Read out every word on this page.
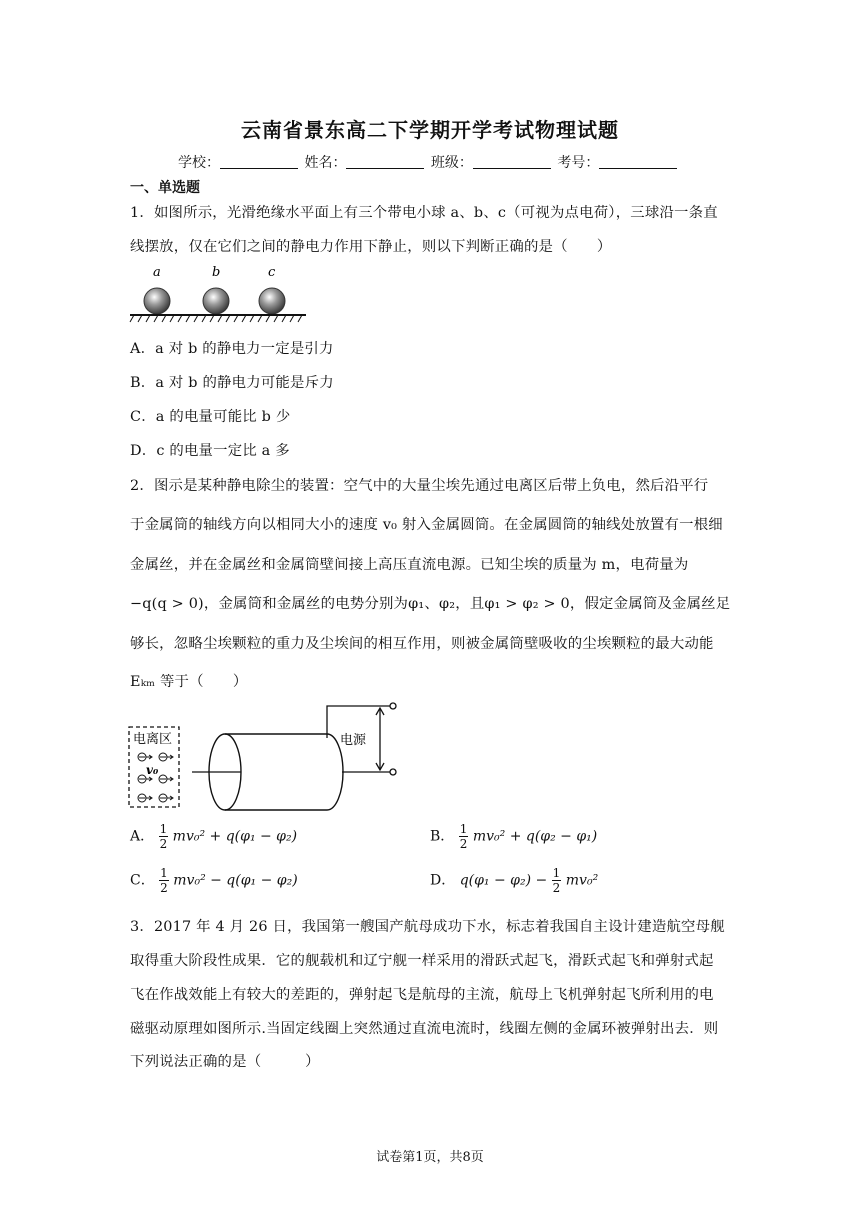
云南省景东高二下学期开学考试物理试题
学校：	姓名：	班级：	考号：
一、单选题
1．如图所示，光滑绝缘水平面上有三个带电小球 a、b、c（可视为点电荷），三球沿一条直
线摆放，仅在它们之间的静电力作用下静止，则以下判断正确的是（　　）
a	b	c
A．a 对 b 的静电力一定是引力
B．a 对 b 的静电力可能是斥力
C．a 的电量可能比 b 少
D．c 的电量一定比 a 多
2．图示是某种静电除尘的装置：空气中的大量尘埃先通过电离区后带上负电，然后沿平行
于金属筒的轴线方向以相同大小的速度 v₀ 射入金属圆筒。在金属圆筒的轴线处放置有一根细
金属丝，并在金属丝和金属筒壁间接上高压直流电源。已知尘埃的质量为 m，电荷量为
−q(q > 0)，金属筒和金属丝的电势分别为φ₁、φ₂，且φ₁ > φ₂ > 0，假定金属筒及金属丝足
够长，忽略尘埃颗粒的重力及尘埃间的相互作用，则被金属筒壁吸收的尘埃颗粒的最大动能
Eₖₘ 等于（　　）
电离区
v₀
电源
A． $\frac{1}{2} mv_0^2 + q(\varphi_1 - \varphi_2)$	B． $\frac{1}{2} mv_0^2 + q(\varphi_2 - \varphi_1)$
C． $\frac{1}{2} mv_0^2 - q(\varphi_1 - \varphi_2)$	D． $q(\varphi_1 - \varphi_2) - \frac{1}{2} mv_0^2$
3．2017 年 4 月 26 日，我国第一艘国产航母成功下水，标志着我国自主设计建造航空母舰
取得重大阶段性成果．它的舰载机和辽宁舰一样采用的滑跃式起飞，滑跃式起飞和弹射式起
飞在作战效能上有较大的差距的，弹射起飞是航母的主流，航母上飞机弹射起飞所利用的电
磁驱动原理如图所示.当固定线圈上突然通过直流电流时，线圈左侧的金属环被弹射出去．则
下列说法正确的是（　　　）
试卷第1页，共8页
